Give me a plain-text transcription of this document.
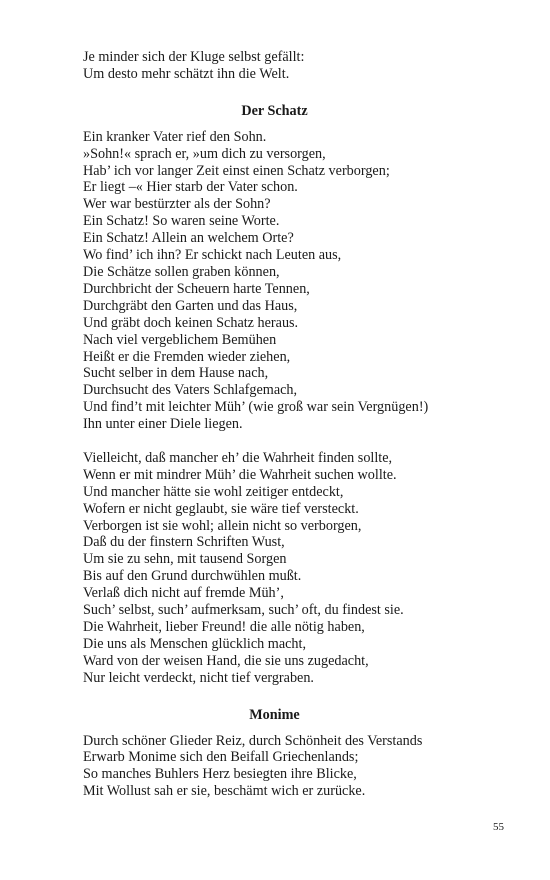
Je minder sich der Kluge selbst gefällt:
Um desto mehr schätzt ihn die Welt.
Der Schatz
Ein kranker Vater rief den Sohn.
»Sohn!« sprach er, »um dich zu versorgen,
Hab’ ich vor langer Zeit einst einen Schatz verborgen;
Er liegt –« Hier starb der Vater schon.
Wer war bestürzter als der Sohn?
Ein Schatz! So waren seine Worte.
Ein Schatz! Allein an welchem Orte?
Wo find’ ich ihn? Er schickt nach Leuten aus,
Die Schätze sollen graben können,
Durchbricht der Scheuern harte Tennen,
Durchgräbt den Garten und das Haus,
Und gräbt doch keinen Schatz heraus.
Nach viel vergeblichem Bemühen
Heißt er die Fremden wieder ziehen,
Sucht selber in dem Hause nach,
Durchsucht des Vaters Schlafgemach,
Und find’t mit leichter Müh’ (wie groß war sein Vergnügen!)
Ihn unter einer Diele liegen.
Vielleicht, daß mancher eh’ die Wahrheit finden sollte,
Wenn er mit mindrer Müh’ die Wahrheit suchen wollte.
Und mancher hätte sie wohl zeitiger entdeckt,
Wofern er nicht geglaubt, sie wäre tief versteckt.
Verborgen ist sie wohl; allein nicht so verborgen,
Daß du der finstern Schriften Wust,
Um sie zu sehn, mit tausend Sorgen
Bis auf den Grund durchwühlen mußt.
Verlaß dich nicht auf fremde Müh’,
Such’ selbst, such’ aufmerksam, such’ oft, du findest sie.
Die Wahrheit, lieber Freund! die alle nötig haben,
Die uns als Menschen glücklich macht,
Ward von der weisen Hand, die sie uns zugedacht,
Nur leicht verdeckt, nicht tief vergraben.
Monime
Durch schöner Glieder Reiz, durch Schönheit des Verstands
Erwarb Monime sich den Beifall Griechenlands;
So manches Buhlers Herz besiegten ihre Blicke,
Mit Wollust sah er sie, beschämt wich er zurücke.
55
